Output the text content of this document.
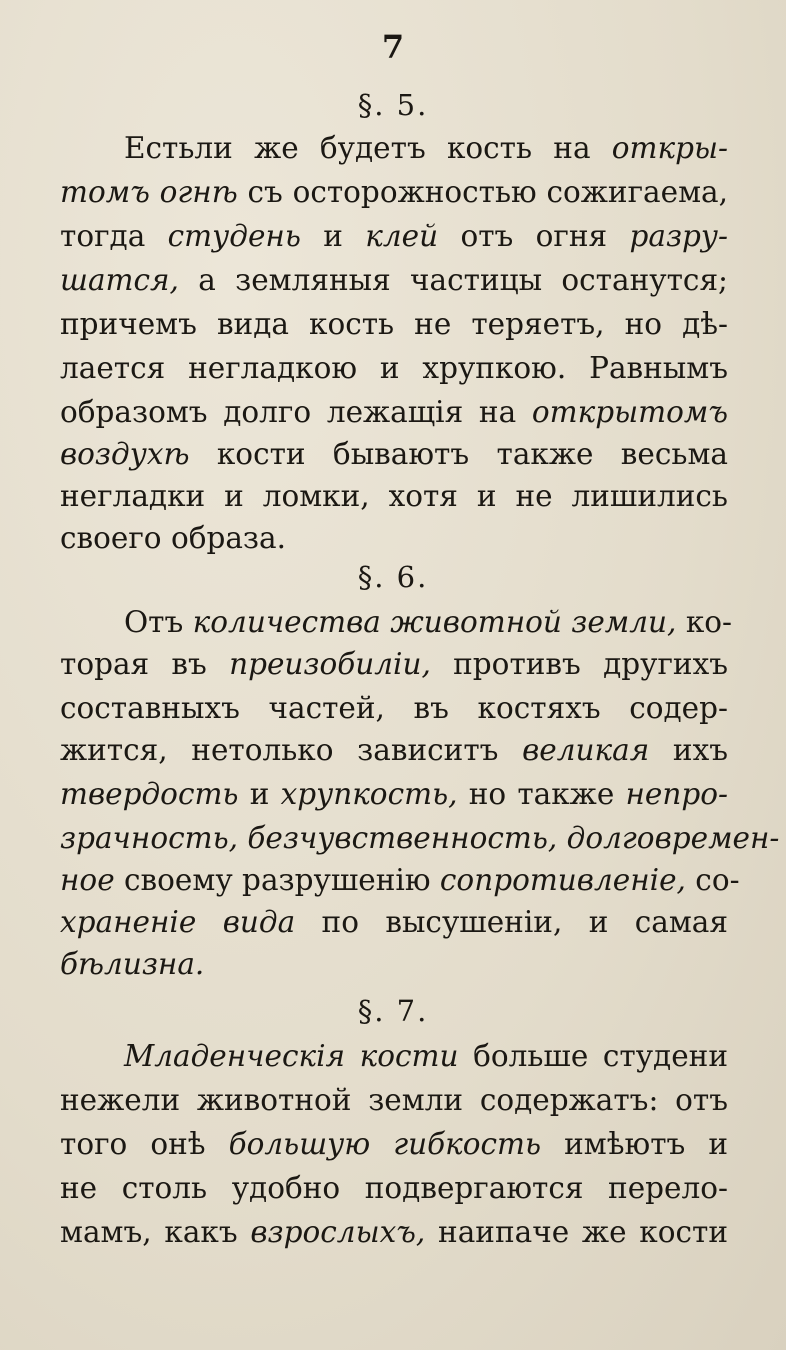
7
§. 5.
Естьли же будетъ кость на откры-
томъ огнѣ съ осторожностью сожигаема,
тогда студень и клей отъ огня разру-
шатся, а земляныя частицы останутся;
причемъ вида кость не теряетъ, но дѣ-
лается негладкою и хрупкою. Равнымъ
образомъ долго лежащія на открытомъ
воздухѣ кости бываютъ также весьма
негладки и ломки, хотя и не лишились
своего образа.
§. 6.
Отъ количества животной земли, ко-
торая въ преизобиліи, противъ другихъ
составныхъ частей, въ костяхъ содер-
жится, нетолько зависитъ великая ихъ
твердость и хрупкость, но также непро-
зрачность, безчувственность, долговремен-
ное своему разрушенію сопротивленіе, со-
храненіе вида по высушеніи, и самая
бѣлизна.
§. 7.
Младенческія кости больше студени
нежели животной земли содержатъ: отъ
того онѣ большую гибкость имѣютъ и
не столь удобно подвергаются перело-
мамъ, какъ взрослыхъ, наипаче же кости
